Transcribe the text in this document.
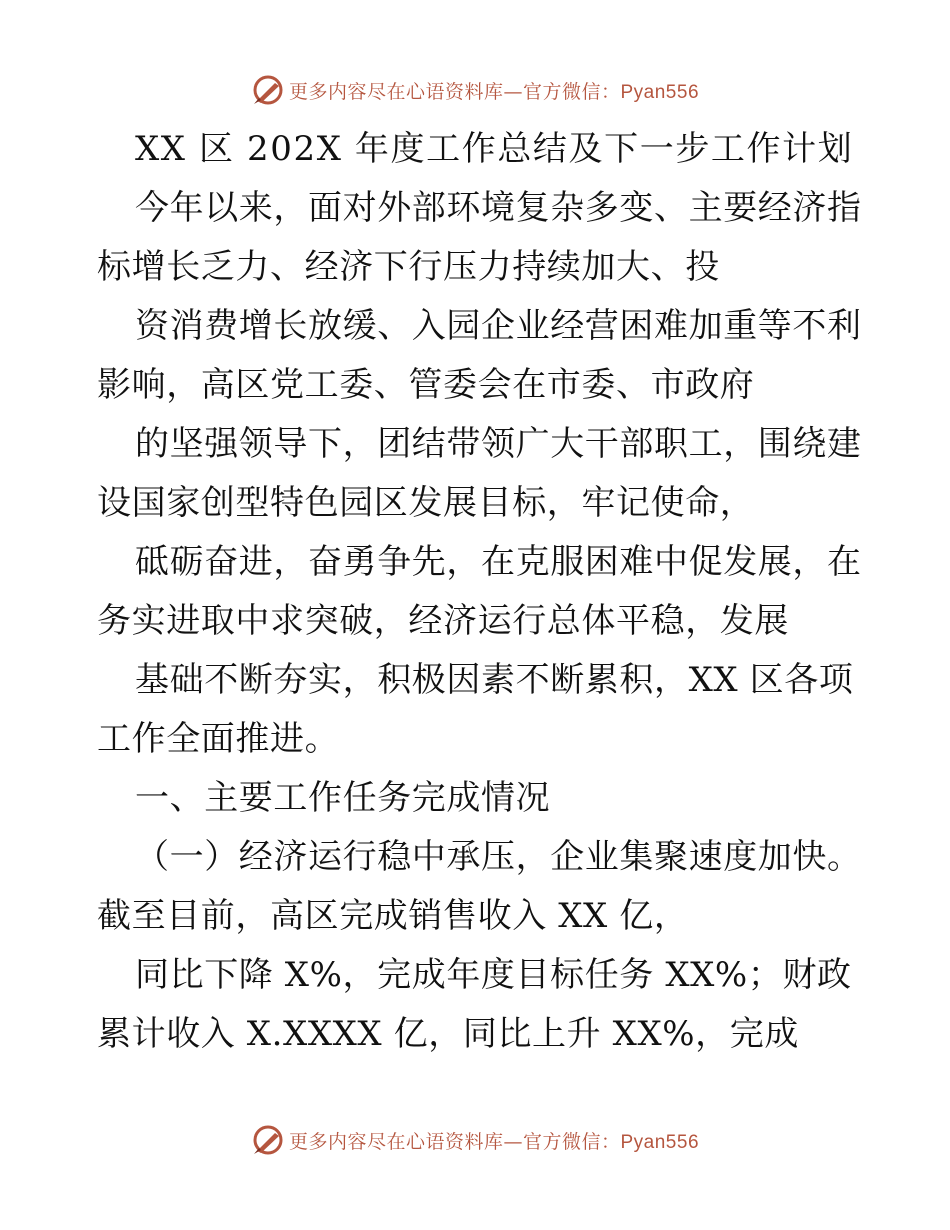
更多内容尽在心语资料库—官方微信：Pyan556
XX 区 202X 年度工作总结及下一步工作计划
今年以来，面对外部环境复杂多变、主要经济指
标增长乏力、经济下行压力持续加大、投
资消费增长放缓、入园企业经营困难加重等不利
影响，高区党工委、管委会在市委、市政府
的坚强领导下，团结带领广大干部职工，围绕建
设国家创型特色园区发展目标，牢记使命，
砥砺奋进，奋勇争先，在克服困难中促发展，在
务实进取中求突破，经济运行总体平稳，发展
基础不断夯实，积极因素不断累积，XX 区各项
工作全面推进。
一、主要工作任务完成情况
（一）经济运行稳中承压，企业集聚速度加快。
截至目前，高区完成销售收入 XX 亿，
同比下降 X%，完成年度目标任务 XX%；财政
累计收入 X.XXXX 亿，同比上升 XX%，完成
更多内容尽在心语资料库—官方微信：Pyan556
